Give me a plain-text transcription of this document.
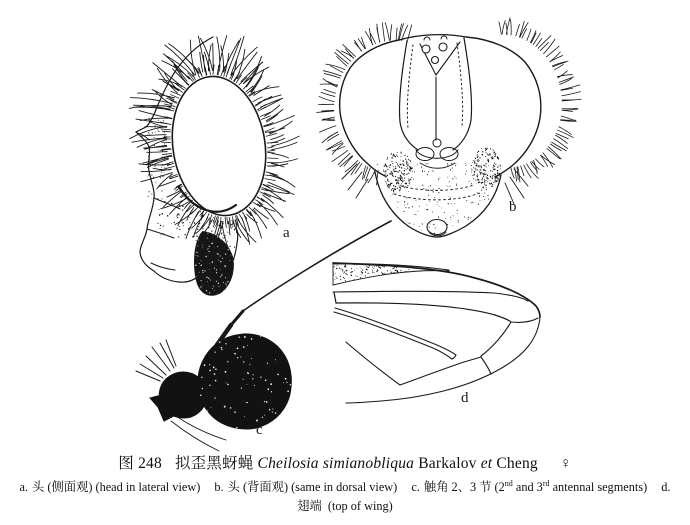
a
b
c
d
ƃ
ƃ
图 248 拟歪黑蚜蝇 Cheilosia simianobliqua Barkalov et Cheng ♀
a. 头 (侧面观) (head in lateral view) b. 头 (背面观) (same in dorsal view) c. 触角 2、3 节 (2nd and 3rd antennal segments) d.
翅端 (top of wing)
